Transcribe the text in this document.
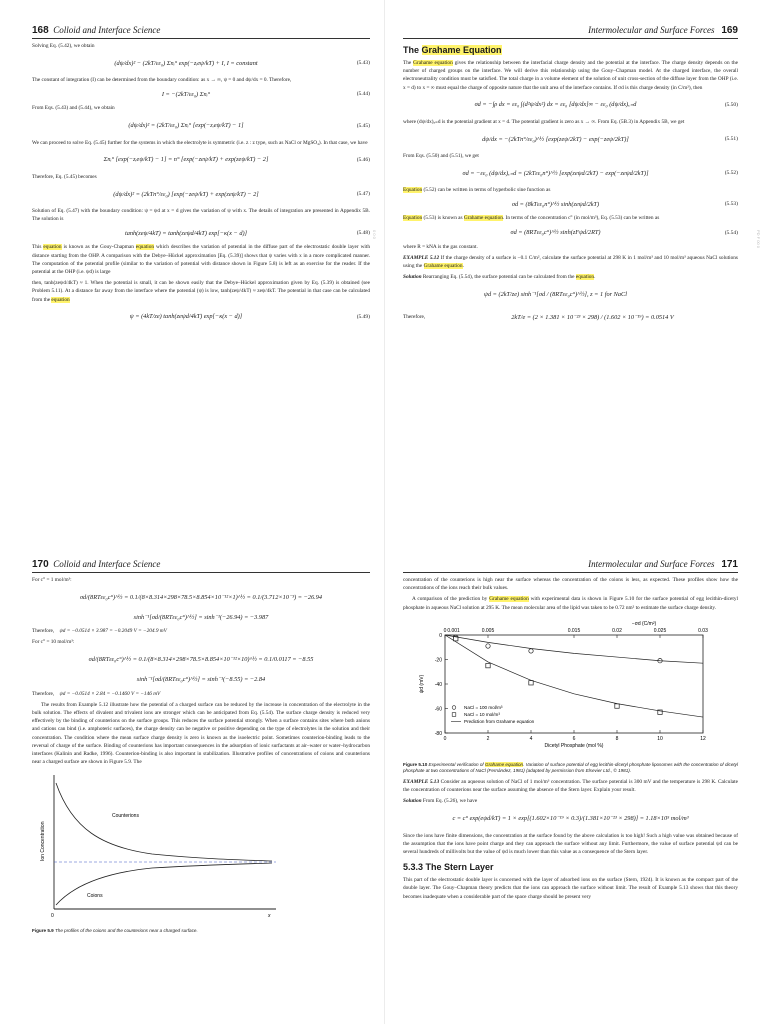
168 Colloid and Interface Science

Solving Eq. (5.42), we obtain

(dψ/dx)² − (2kT/εε₀) Σnᵢ° exp(−zᵢeψ/kT) + I, I = constant	(5.43)

The constant of integration (I) can be determined from the boundary condition: as x → ∞, ψ = 0 and dψ/dx = 0. Therefore,

I = −(2kT/εε₀) Σnᵢ°	(5.44)

From Eqs. (5.43) and (5.44), we obtain

(dψ/dx)² = (2kT/εε₀) Σnᵢ° [exp(−zᵢeψ/kT) − 1]	(5.45)

We can proceed to solve Eq. (5.45) further for the systems in which the electrolyte is symmetric (i.e. z : z type, such as NaCl or MgSO₄). In that case, we have

Σnᵢ° [exp(−zᵢeψ/kT) − 1] = n° [exp(−zeψ/kT) + exp(zeψ/kT) − 2]	(5.46)

Therefore, Eq. (5.45) becomes

(dψ/dx)² = (2kTn°/εε₀) [exp(−zeψ/kT) + exp(zeψ/kT) − 2]	(5.47)

Solution of Eq. (5.47) with the boundary condition: ψ = ψd at x = d gives the variation of ψ with x. The details of integration are presented in Appendix 5B. The solution is

tanh(zeψ/4kT) = tanh(zeψd/4kT) exp[−κ(x − d)]	(5.48)

This equation is known as the Gouy-Chapman equation which describes the variation of potential in the diffuse part of the electrostatic double layer with distance starting from the OHP. A comparison with the Debye–Hückel approximation [Eq. (5.39)] shows that ψ varies with x in a more complicated manner. The computation of the potential profile (similar to the variation of potential with distance shown in Figure 5.8) is left as an exercise for the reader. If the potential at the OHP (i.e. ψd) is large

then, tanh(zeψd/4kT) ≈ 1. When the potential is small, it can be shown easily that the Debye–Hückel approximation given by Eq. (5.39) is obtained (see Problem 5.11). At a distance far away from the interface where the potential (ψ) is low, tanh(zeψ/4kT) ≈ zeψ/4kT. The potential in that case can be calculated from the equation

ψ = (4kT/ze) tanh(zeψd/4kT) exp[−κ(x − d)]	(5.49)
Intermolecular and Surface Forces 169
The Grahame Equation

The Grahame equation gives the relationship between the interfacial charge density and the potential at the interface. The charge density depends on the number of charged groups on the interface. We will derive this relationship using the Gouy–Chapman model. At the charged interface, the overall electroneutrality condition must be satisfied. The total charge in a volume element of the solution of unit cross-section of the diffuse layer from the OHP (i.e. x = d) to x = ∞ must equal the charge of opposite nature that the unit area of the interface contains. If σd is this charge density (in C/m²), then

σd = −∫ρ dx = εε₀ ∫(d²ψ/dx²) dx = εε₀ [dψ/dx]∞ − εε₀ (dψ/dx)ₓ₌d	(5.50)

where (dψ/dx)ₓ₌d is the potential gradient at x = d. The potential gradient is zero as x → ∞. From Eq. (5B.3) in Appendix 5B, we get

dψ/dx = −(2kTn°/εε₀)^½ [exp(zeψ/2kT) − exp(−zeψ/2kT)]	(5.51)

From Eqs. (5.50) and (5.51), we get

σd = −εε₀ (dψ/dx)ₓ₌d = (2kTεε₀n°)^½ [exp(zeψd/2kT) − exp(−zeψd/2kT)]	(5.52)

Equation (5.52) can be written in terms of hyperbolic sine function as

σd = (8kTεε₀n°)^½ sinh(zeψd/2kT)	(5.53)

Equation (5.53) is known as Grahame equation. In terms of the concentration c° (in mol/m³), Eq. (5.53) can be written as

σd = (8RTεε₀c°)^½ sinh(zFψd/2RT)	(5.54)

where R = kNA is the gas constant.

EXAMPLE 5.12 If the charge density of a surface is −0.1 C/m², calculate the surface potential at 298 K in 1 mol/m³ and 10 mol/m³ aqueous NaCl solutions using the Grahame equation.

Solution Rearranging Eq. (5.54), the surface potential can be calculated from the equation.

ψd = (2kT/ze) sinh⁻¹[σd / (8RTεε₀c°)^½], z = 1 for NaCl
Therefore,	2kT/e = (2 × 1.381 × 10⁻²³ × 298) / (1.602 × 10⁻¹⁹) = 0.0514 V
0 0 0	PD F 00 0
170 Colloid and Interface Science

For c° = 1 mol/m³:

σd/(8RTεε₀c°)^½ = 0.1/(8×8.314×298×78.5×8.854×10⁻¹²×1)^½ = 0.1/(3.712×10⁻³) = −26.94
sinh⁻¹[σd/(8RTεε₀c°)^½] = sinh⁻¹(−26.94) = −3.987

Therefore, ψd = −0.0514 × 3.987 = −0.2049 V = −204.9 mV

For c° = 10 mol/m³:

σd/(8RTεε₀c°)^½ = 0.1/(8×8.314×298×78.5×8.854×10⁻¹²×10)^½ = 0.1/0.0117 = −8.55
sinh⁻¹[σd/(8RTεε₀c°)^½] = sinh⁻¹(−8.55) = −2.84

Therefore, ψd = −0.0514 × 2.84 = −0.1460 V = −146 mV

The results from Example 5.12 illustrate how the potential of a charged surface can be reduced by the increase in concentration of the electrolyte in the bulk solution. The effects of divalent and trivalent ions are stronger which can be anticipated from Eq. (5.54). The surface charge density is reduced very effectively by the binding of counterions on the surface groups. This reduces the surface potential strongly. When a surface contains sites where both anions and cations can bind (i.e. amphoteric surfaces), the charge density can be negative or positive depending on the type of electrolytes in the solution and their concentration. The condition where the mean surface charge density is zero is known as the isoelectric point. Sometimes counterion-binding leads to the reversal of charge of the surface. Binding of counterions has important consequences in the adsorption of ionic surfactants at air–water or water–hydrocarbon interfaces (Kalinin and Radke, 1996). Counterion-binding is also important in stabilization. Illustrative profiles of concentrations of coions and counterions near a charged surface are shown in Figure 5.9. The

Ion Concentration
Counterions
Coions
x
0

Figure 5.9 The profiles of the coions and the counterions near a charged surface.

Intermolecular and Surface Forces 171

concentration of the counterions is high near the surface whereas the concentration of the coions is less, as expected. These profiles show how the concentrations of the ions reach their bulk values.

A comparison of the prediction by Grahame equation with experimental data is shown in Figure 5.10 for the surface potential of egg lecithin-dicetyl phosphate in aqueous NaCl solution at 295 K. The mean molecular area of the lipid was taken to be 0.72 nm² to estimate the surface charge density.

0	0.005
0.001	0.015	0.02	0.025	0.03
−σd (C/m²)
0	2	4	6	8	10	12
Dicetyl Phosphate (mol %)
0
-20
-40
-60
-80
ψd (mV)
NaCl = 100 mol/m³
NaCl = 10 mol/m³
Prediction from Grahame equation

Figure 5.10 Experimental verification of Grahame equation. Variation of surface potential of egg lecithin-dicetyl phosphate liposomes with the concentration of dicetyl phosphate at two concentrations of NaCl (Fernández, 1981) (adapted by permission from Elsevier Ltd., © 1981).

EXAMPLE 5.13 Consider an aqueous solution of NaCl of 1 mol/m³ concentration. The surface potential is 300 mV and the temperature is 298 K. Calculate the concentration of counterions near the surface assuming the absence of the Stern layer. Explain your result.

Solution From Eq. (5.26), we have

c = c° exp(eψd/kT) = 1 × exp[(1.602×10⁻¹⁹ × 0.3)/(1.381×10⁻²³ × 298)] = 1.18×10⁵ mol/m³

Since the ions have finite dimensions, the concentration at the surface found by the above calculation is too high! Such a high value was obtained because of the assumption that the ions have point charge and they can approach the surface without any limit. Furthermore, the value of surface potential ψd can be several hundreds of millivolts but the value of ψd is much lower than this value as a consequence of the Stern layer.

5.3.3 The Stern Layer

This part of the electrostatic double layer is concerned with the layer of adsorbed ions on the surface (Stern, 1924). It is known as the compact part of the double layer. The Gouy–Chapman theory predicts that the ions can approach the surface without limit. The result of Example 5.13 shows that this theory becomes inadequate when a considerable part of the space charge should be present very
